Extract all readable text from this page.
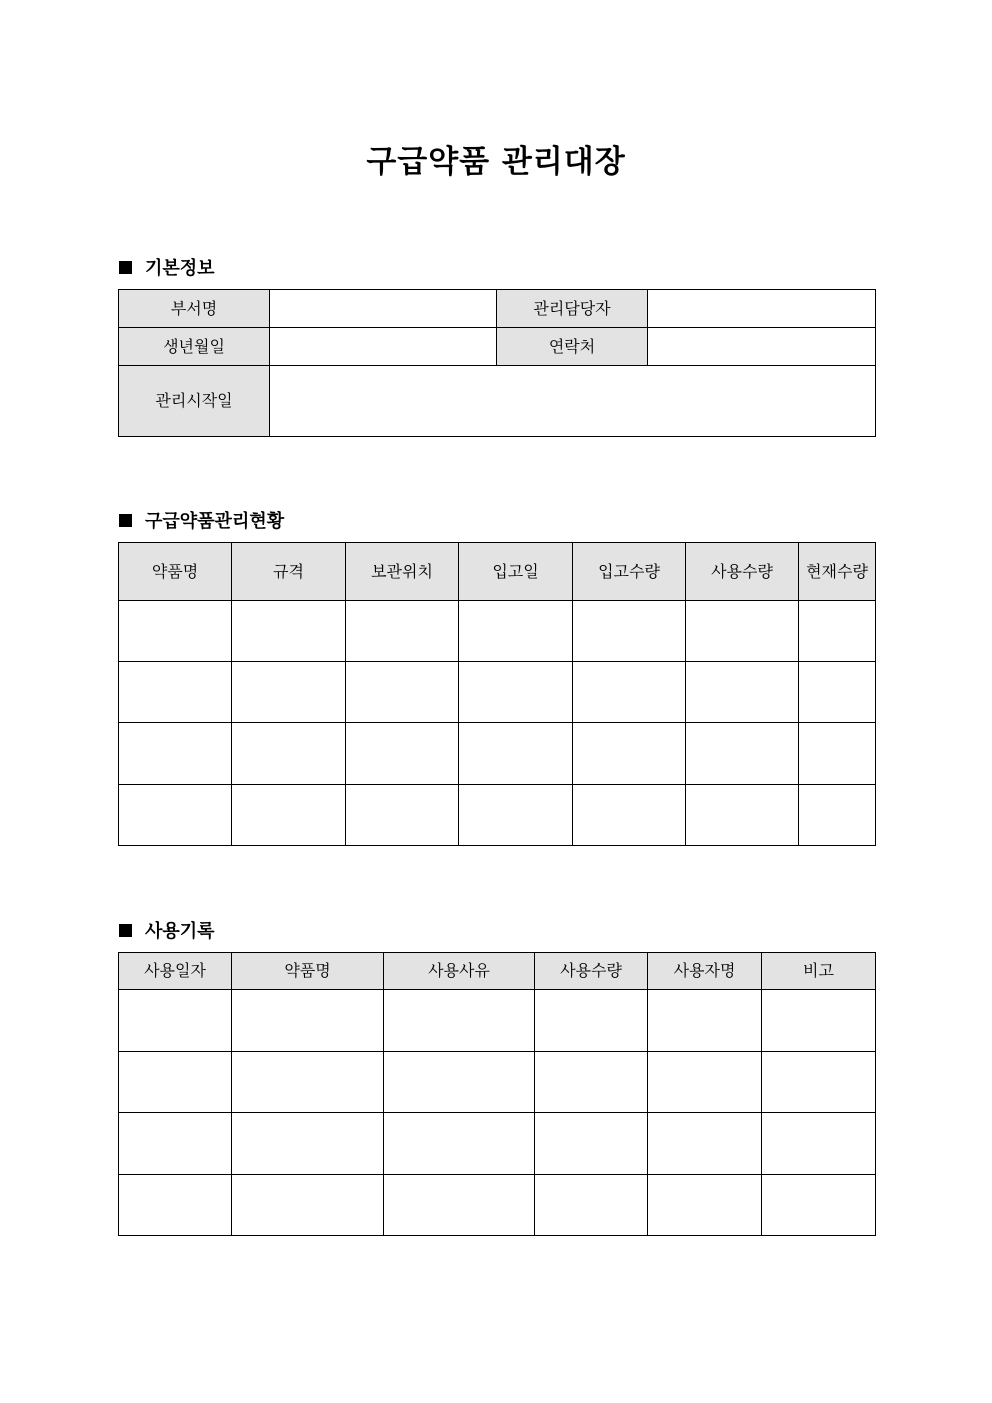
구급약품 관리대장
기본정보
부서명		관리담당자	
생년월일		연락처	
관리시작일			
구급약품관리현황
약품명	규격	보관위치	입고일	입고수량	사용수량	현재수량

사용기록
사용일자	약품명	사용사유	사용수량	사용자명	비고
